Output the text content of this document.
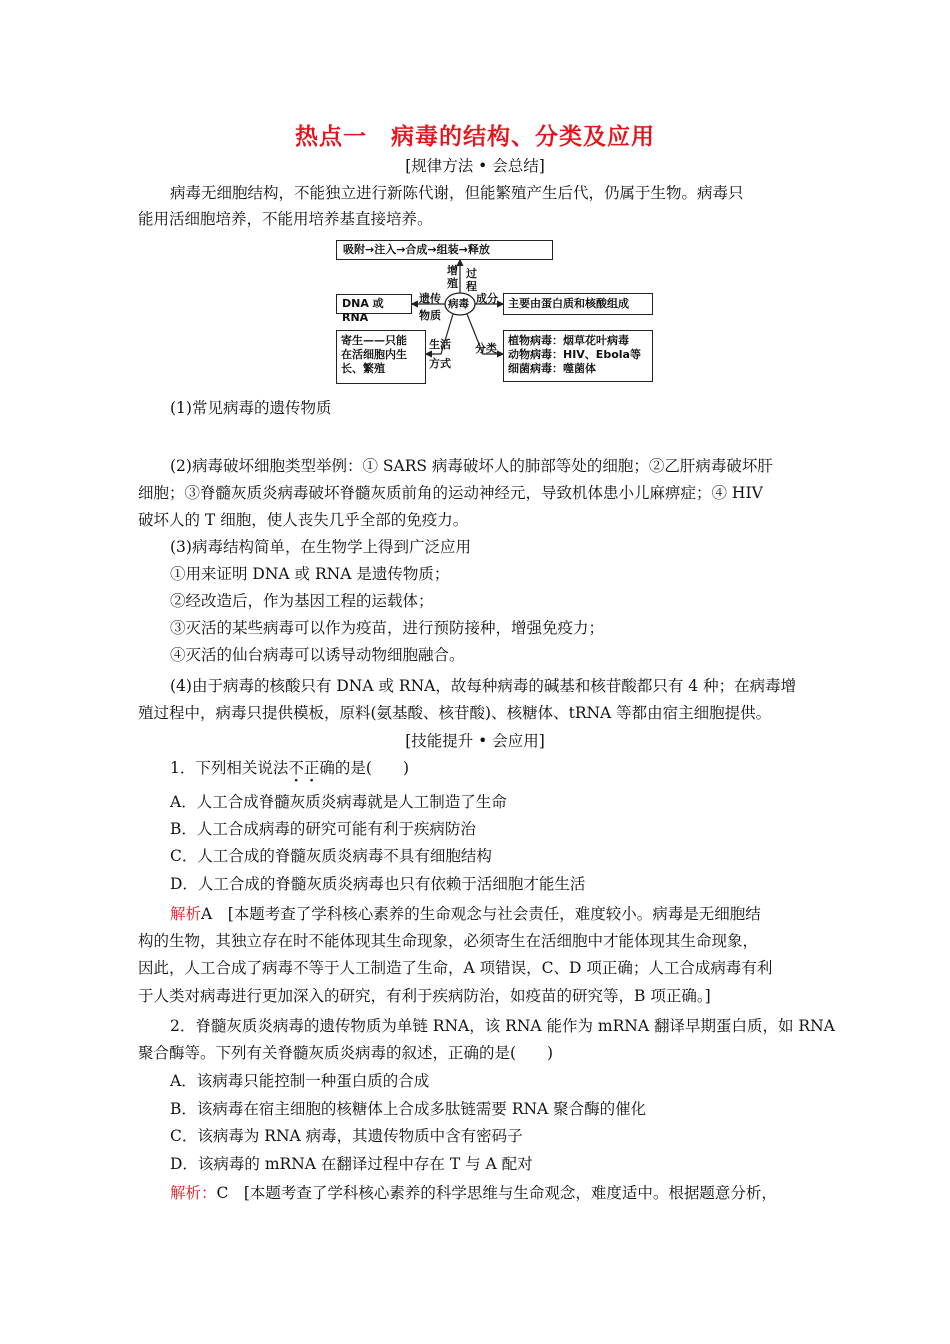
热点一　病毒的结构、分类及应用
[规律方法 • 会总结]
病毒无细胞结构，不能独立进行新陈代谢，但能繁殖产生后代，仍属于生物。病毒只
能用活细胞培养，不能用培养基直接培养。
吸附→注入→合成→组装→释放
增
殖
过
程
病毒
遗传
物质
成分
DNA 或 RNA
主要由蛋白质和核酸组成
生活
方式
分类
寄生——只能
在活细胞内生
长、繁殖
植物病毒：烟草花叶病毒
动物病毒：HIV、Ebola等
细菌病毒：噬菌体
(1)常见病毒的遗传物质
(2)病毒破坏细胞类型举例：① SARS 病毒破坏人的肺部等处的细胞；②乙肝病毒破坏肝
细胞；③脊髓灰质炎病毒破坏脊髓灰质前角的运动神经元，导致机体患小儿麻痹症；④ HIV
破坏人的 T 细胞，使人丧失几乎全部的免疫力。
(3)病毒结构简单，在生物学上得到广泛应用
①用来证明 DNA 或 RNA 是遗传物质；
②经改造后，作为基因工程的运载体；
③灭活的某些病毒可以作为疫苗，进行预防接种，增强免疫力；
④灭活的仙台病毒可以诱导动物细胞融合。
(4)由于病毒的核酸只有 DNA 或 RNA，故每种病毒的碱基和核苷酸都只有 4 种；在病毒增
殖过程中，病毒只提供模板，原料(氨基酸、核苷酸)、核糖体、tRNA 等都由宿主细胞提供。
[技能提升 • 会应用]
1．下列相关说法不正确的是(　　)
A．人工合成脊髓灰质炎病毒就是人工制造了生命
B．人工合成病毒的研究可能有利于疾病防治
C．人工合成的脊髓灰质炎病毒不具有细胞结构
D．人工合成的脊髓灰质炎病毒也只有依赖于活细胞才能生活
解析A　[本题考查了学科核心素养的生命观念与社会责任，难度较小。病毒是无细胞结
构的生物，其独立存在时不能体现其生命现象，必须寄生在活细胞中才能体现其生命现象，
因此，人工合成了病毒不等于人工制造了生命，A 项错误，C、D 项正确；人工合成病毒有利
于人类对病毒进行更加深入的研究，有利于疾病防治，如疫苗的研究等，B 项正确。]
2．脊髓灰质炎病毒的遗传物质为单链 RNA，该 RNA 能作为 mRNA 翻译早期蛋白质，如 RNA
聚合酶等。下列有关脊髓灰质炎病毒的叙述，正确的是(　　)
A．该病毒只能控制一种蛋白质的合成
B．该病毒在宿主细胞的核糖体上合成多肽链需要 RNA 聚合酶的催化
C．该病毒为 RNA 病毒，其遗传物质中含有密码子
D．该病毒的 mRNA 在翻译过程中存在 T 与 A 配对
解析：C　[本题考查了学科核心素养的科学思维与生命观念，难度适中。根据题意分析，
